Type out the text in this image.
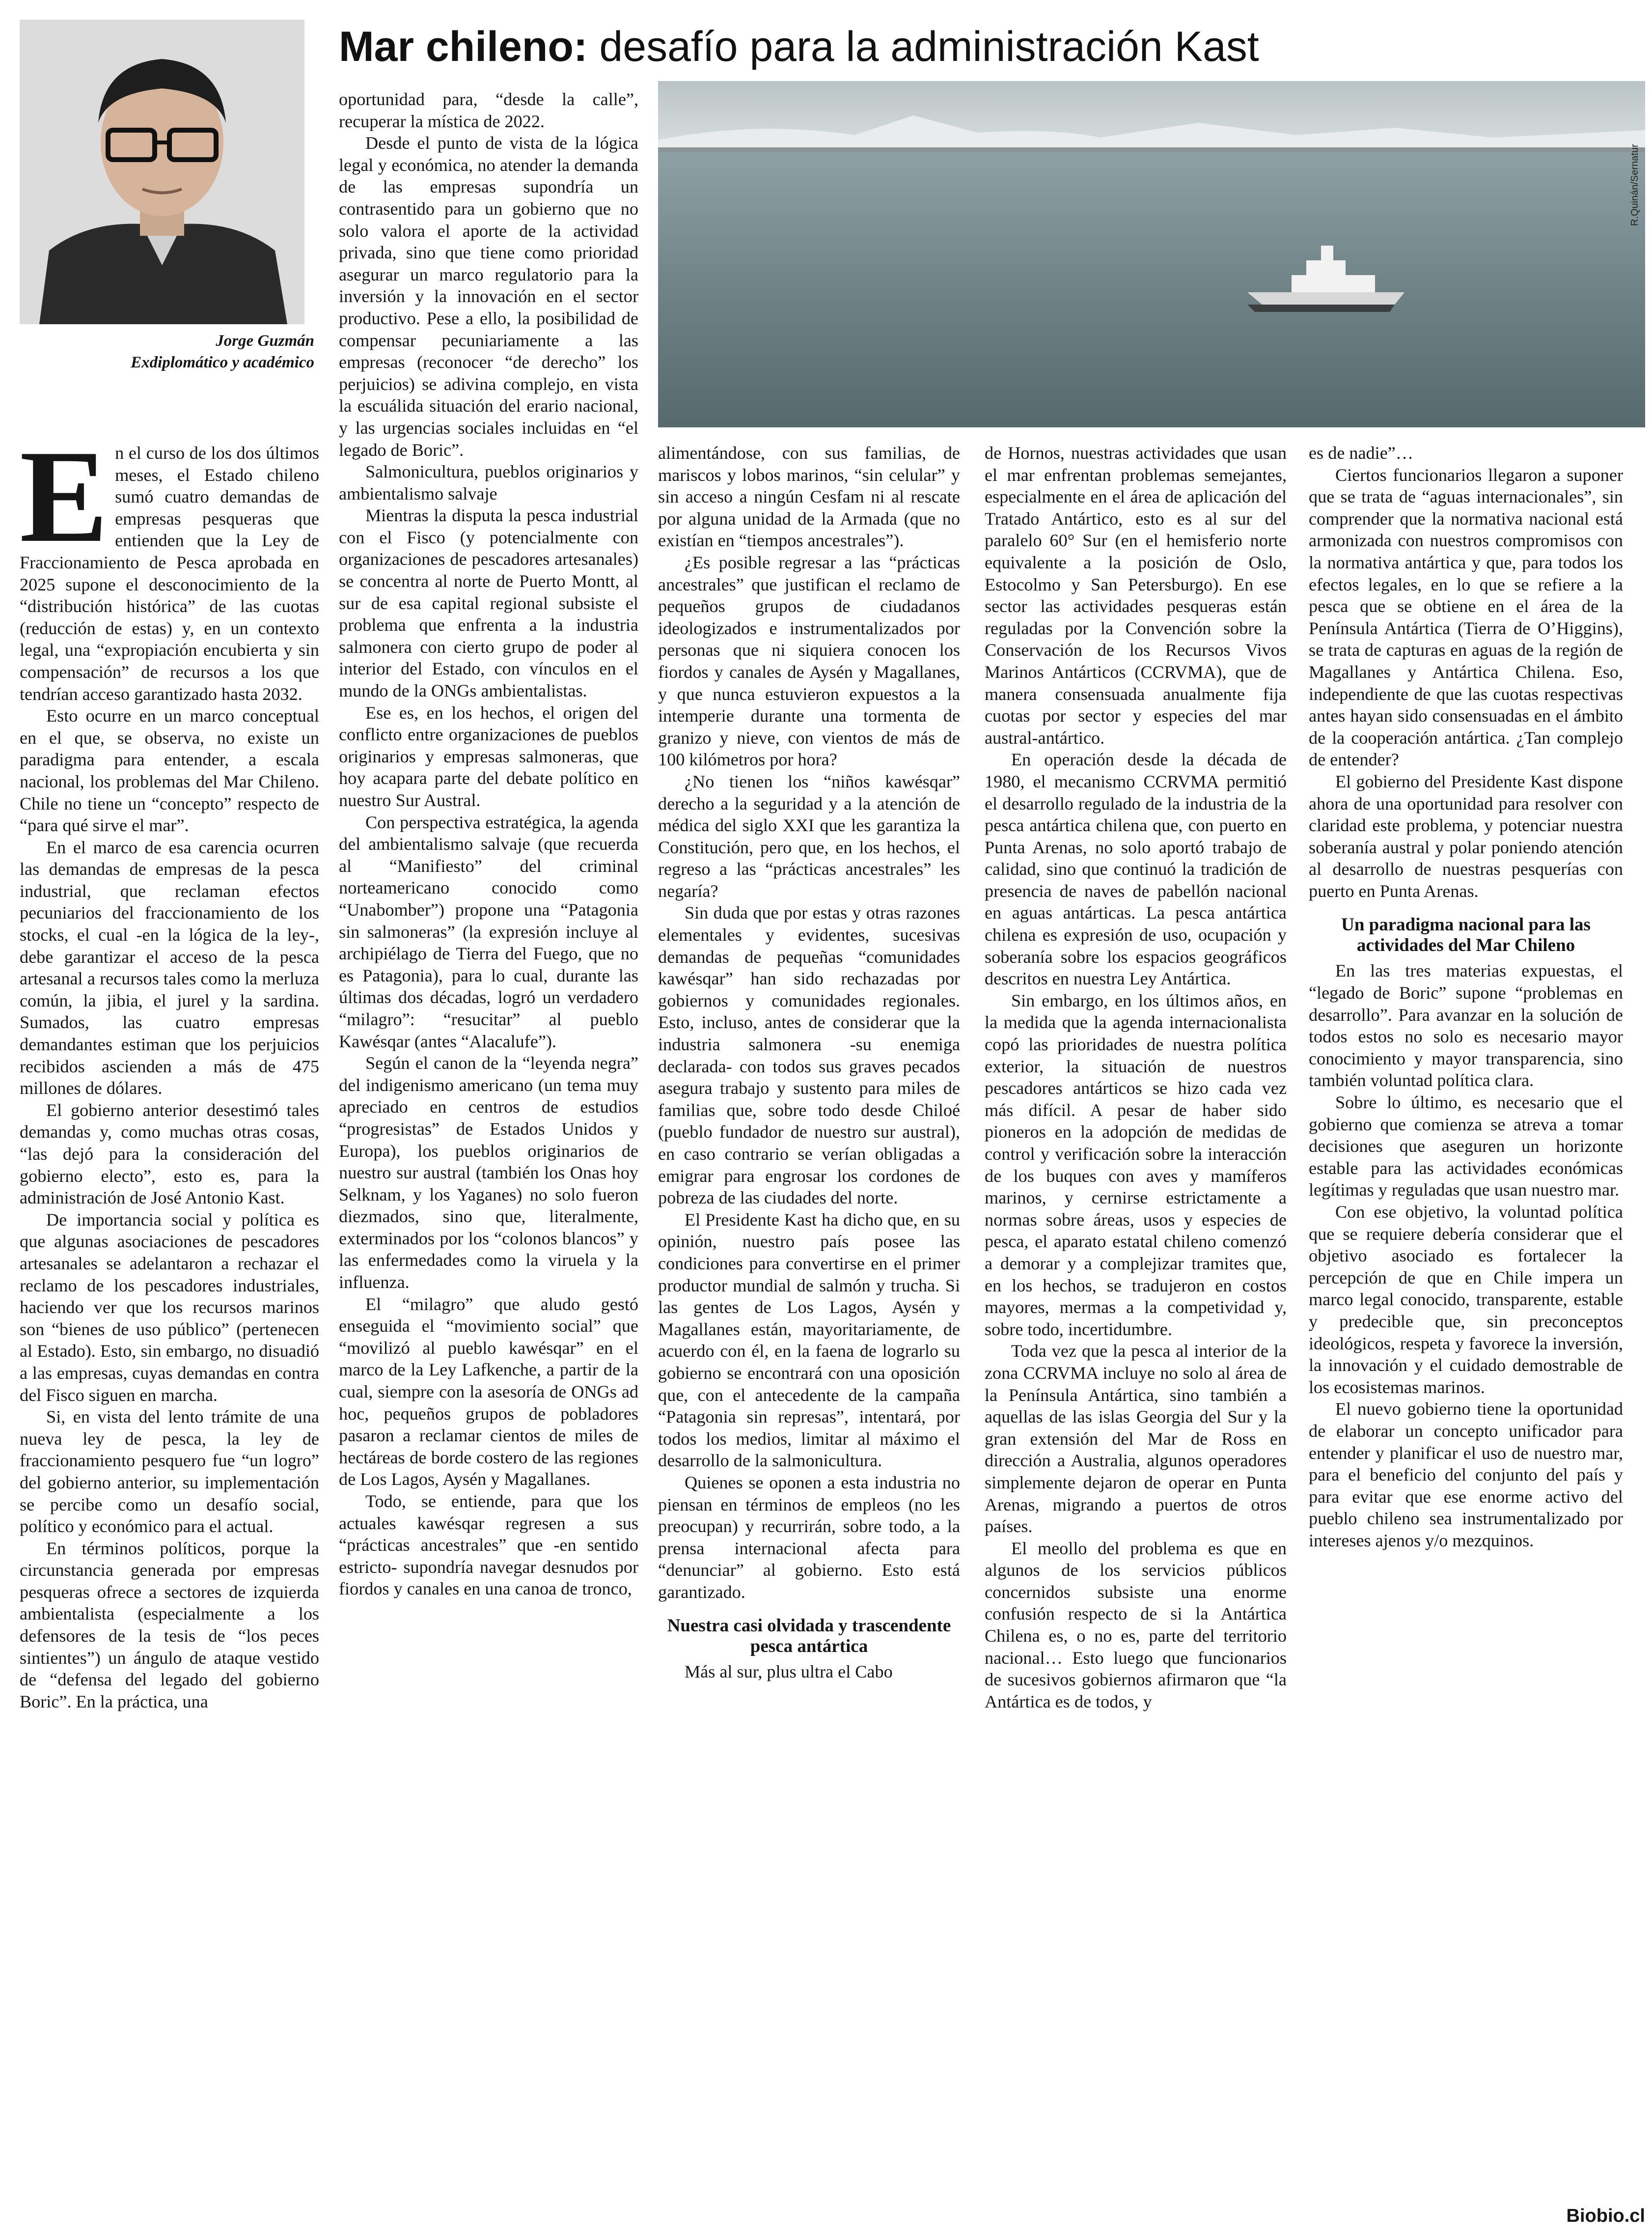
Mar chileno: desafío para la administración Kast
Jorge Guzmán
Exdiplomático y académico
R.Quinán/Sernatur

En el curso de los dos últimos meses, el Estado chileno sumó cuatro demandas de empresas pesqueras que entienden que la Ley de Fraccionamiento de Pesca aprobada en 2025 supone el desconocimiento de la “distribución histórica” de las cuotas (reducción de estas) y, en un contexto legal, una “expropiación encubierta y sin compensación” de recursos a los que tendrían acceso garantizado hasta 2032.

Esto ocurre en un marco conceptual en el que, se observa, no existe un paradigma para entender, a escala nacional, los problemas del Mar Chileno. Chile no tiene un “concepto” respecto de “para qué sirve el mar”.

En el marco de esa carencia ocurren las demandas de empresas de la pesca industrial, que reclaman efectos pecuniarios del fraccionamiento de los stocks, el cual -en la lógica de la ley-, debe garantizar el acceso de la pesca artesanal a recursos tales como la merluza común, la jibia, el jurel y la sardina. Sumados, las cuatro empresas demandantes estiman que los perjuicios recibidos ascienden a más de 475 millones de dólares.

El gobierno anterior desestimó tales demandas y, como muchas otras cosas, “las dejó para la consideración del gobierno electo”, esto es, para la administración de José Antonio Kast.

De importancia social y política es que algunas asociaciones de pescadores artesanales se adelantaron a rechazar el reclamo de los pescadores industriales, haciendo ver que los recursos marinos son “bienes de uso público” (pertenecen al Estado). Esto, sin embargo, no disuadió a las empresas, cuyas demandas en contra del Fisco siguen en marcha.

Si, en vista del lento trámite de una nueva ley de pesca, la ley de fraccionamiento pesquero fue “un logro” del gobierno anterior, su implementación se percibe como un desafío social, político y económico para el actual.

En términos políticos, porque la circunstancia generada por empresas pesqueras ofrece a sectores de izquierda ambientalista (especialmente a los defensores de la tesis de “los peces sintientes”) un ángulo de ataque vestido de “defensa del legado del gobierno Boric”. En la práctica, una

oportunidad para, “desde la calle”, recuperar la mística de 2022.

Desde el punto de vista de la lógica legal y económica, no atender la demanda de las empresas supondría un contrasentido para un gobierno que no solo valora el aporte de la actividad privada, sino que tiene como prioridad asegurar un marco regulatorio para la inversión y la innovación en el sector productivo. Pese a ello, la posibilidad de compensar pecuniariamente a las empresas (reconocer “de derecho” los perjuicios) se adivina complejo, en vista la escuálida situación del erario nacional, y las urgencias sociales incluidas en “el legado de Boric”.

Salmonicultura, pueblos originarios y ambientalismo salvaje

Mientras la disputa la pesca industrial con el Fisco (y potencialmente con organizaciones de pescadores artesanales) se concentra al norte de Puerto Montt, al sur de esa capital regional subsiste el problema que enfrenta a la industria salmonera con cierto grupo de poder al interior del Estado, con vínculos en el mundo de la ONGs ambientalistas.

Ese es, en los hechos, el origen del conflicto entre organizaciones de pueblos originarios y empresas salmoneras, que hoy acapara parte del debate político en nuestro Sur Austral.

Con perspectiva estratégica, la agenda del ambientalismo salvaje (que recuerda al “Manifiesto” del criminal norteamericano conocido como “Unabomber”) propone una “Patagonia sin salmoneras” (la expresión incluye al archipiélago de Tierra del Fuego, que no es Patagonia), para lo cual, durante las últimas dos décadas, logró un verdadero “milagro”: “resucitar” al pueblo Kawésqar (antes “Alacalufe”).

Según el canon de la “leyenda negra” del indigenismo americano (un tema muy apreciado en centros de estudios “progresistas” de Estados Unidos y Europa), los pueblos originarios de nuestro sur austral (también los Onas hoy Selknam, y los Yaganes) no solo fueron diezmados, sino que, literalmente, exterminados por los “colonos blancos” y las enfermedades como la viruela y la influenza.

El “milagro” que aludo gestó enseguida el “movimiento social” que “movilizó al pueblo kawésqar” en el marco de la Ley Lafkenche, a partir de la cual, siempre con la asesoría de ONGs ad hoc, pequeños grupos de pobladores pasaron a reclamar cientos de miles de hectáreas de borde costero de las regiones de Los Lagos, Aysén y Magallanes.

Todo, se entiende, para que los actuales kawésqar regresen a sus “prácticas ancestrales” que -en sentido estricto- supondría navegar desnudos por fiordos y canales en una canoa de tronco,

alimentándose, con sus familias, de mariscos y lobos marinos, “sin celular” y sin acceso a ningún Cesfam ni al rescate por alguna unidad de la Armada (que no existían en “tiempos ancestrales”).

¿Es posible regresar a las “prácticas ancestrales” que justifican el reclamo de pequeños grupos de ciudadanos ideologizados e instrumentalizados por personas que ni siquiera conocen los fiordos y canales de Aysén y Magallanes, y que nunca estuvieron expuestos a la intemperie durante una tormenta de granizo y nieve, con vientos de más de 100 kilómetros por hora?

¿No tienen los “niños kawésqar” derecho a la seguridad y a la atención de médica del siglo XXI que les garantiza la Constitución, pero que, en los hechos, el regreso a las “prácticas ancestrales” les negaría?

Sin duda que por estas y otras razones elementales y evidentes, sucesivas demandas de pequeñas “comunidades kawésqar” han sido rechazadas por gobiernos y comunidades regionales. Esto, incluso, antes de considerar que la industria salmonera -su enemiga declarada- con todos sus graves pecados asegura trabajo y sustento para miles de familias que, sobre todo desde Chiloé (pueblo fundador de nuestro sur austral), en caso contrario se verían obligadas a emigrar para engrosar los cordones de pobreza de las ciudades del norte.

El Presidente Kast ha dicho que, en su opinión, nuestro país posee las condiciones para convertirse en el primer productor mundial de salmón y trucha. Si las gentes de Los Lagos, Aysén y Magallanes están, mayoritariamente, de acuerdo con él, en la faena de lograrlo su gobierno se encontrará con una oposición que, con el antecedente de la campaña “Patagonia sin represas”, intentará, por todos los medios, limitar al máximo el desarrollo de la salmonicultura.

Quienes se oponen a esta industria no piensan en términos de empleos (no les preocupan) y recurrirán, sobre todo, a la prensa internacional afecta para “denunciar” al gobierno. Esto está garantizado.

Nuestra casi olvidada y trascendente pesca antártica

Más al sur, plus ultra el Cabo

de Hornos, nuestras actividades que usan el mar enfrentan problemas semejantes, especialmente en el área de aplicación del Tratado Antártico, esto es al sur del paralelo 60° Sur (en el hemisferio norte equivalente a la posición de Oslo, Estocolmo y San Petersburgo). En ese sector las actividades pesqueras están reguladas por la Convención sobre la Conservación de los Recursos Vivos Marinos Antárticos (CCRVMA), que de manera consensuada anualmente fija cuotas por sector y especies del mar austral-antártico.

En operación desde la década de 1980, el mecanismo CCRVMA permitió el desarrollo regulado de la industria de la pesca antártica chilena que, con puerto en Punta Arenas, no solo aportó trabajo de calidad, sino que continuó la tradición de presencia de naves de pabellón nacional en aguas antárticas. La pesca antártica chilena es expresión de uso, ocupación y soberanía sobre los espacios geográficos descritos en nuestra Ley Antártica.

Sin embargo, en los últimos años, en la medida que la agenda internacionalista copó las prioridades de nuestra política exterior, la situación de nuestros pescadores antárticos se hizo cada vez más difícil. A pesar de haber sido pioneros en la adopción de medidas de control y verificación sobre la interacción de los buques con aves y mamíferos marinos, y cernirse estrictamente a normas sobre áreas, usos y especies de pesca, el aparato estatal chileno comenzó a demorar y a complejizar tramites que, en los hechos, se tradujeron en costos mayores, mermas a la competividad y, sobre todo, incertidumbre.

Toda vez que la pesca al interior de la zona CCRVMA incluye no solo al área de la Península Antártica, sino también a aquellas de las islas Georgia del Sur y la gran extensión del Mar de Ross en dirección a Australia, algunos operadores simplemente dejaron de operar en Punta Arenas, migrando a puertos de otros países.

El meollo del problema es que en algunos de los servicios públicos concernidos subsiste una enorme confusión respecto de si la Antártica Chilena es, o no es, parte del territorio nacional… Esto luego que funcionarios de sucesivos gobiernos afirmaron que “la Antártica es de todos, y

es de nadie”…

Ciertos funcionarios llegaron a suponer que se trata de “aguas internacionales”, sin comprender que la normativa nacional está armonizada con nuestros compromisos con la normativa antártica y que, para todos los efectos legales, en lo que se refiere a la pesca que se obtiene en el área de la Península Antártica (Tierra de O’Higgins), se trata de capturas en aguas de la región de Magallanes y Antártica Chilena. Eso, independiente de que las cuotas respectivas antes hayan sido consensuadas en el ámbito de la cooperación antártica. ¿Tan complejo de entender?

El gobierno del Presidente Kast dispone ahora de una oportunidad para resolver con claridad este problema, y potenciar nuestra soberanía austral y polar poniendo atención al desarrollo de nuestras pesquerías con puerto en Punta Arenas.

Un paradigma nacional para las actividades del Mar Chileno

En las tres materias expuestas, el “legado de Boric” supone “problemas en desarrollo”. Para avanzar en la solución de todos estos no solo es necesario mayor conocimiento y mayor transparencia, sino también voluntad política clara.

Sobre lo último, es necesario que el gobierno que comienza se atreva a tomar decisiones que aseguren un horizonte estable para las actividades económicas legítimas y reguladas que usan nuestro mar.

Con ese objetivo, la voluntad política que se requiere debería considerar que el objetivo asociado es fortalecer la percepción de que en Chile impera un marco legal conocido, transparente, estable y predecible que, sin preconceptos ideológicos, respeta y favorece la inversión, la innovación y el cuidado demostrable de los ecosistemas marinos.

El nuevo gobierno tiene la oportunidad de elaborar un concepto unificador para entender y planificar el uso de nuestro mar, para el beneficio del conjunto del país y para evitar que ese enorme activo del pueblo chileno sea instrumentalizado por intereses ajenos y/o mezquinos.

Biobio.cl
